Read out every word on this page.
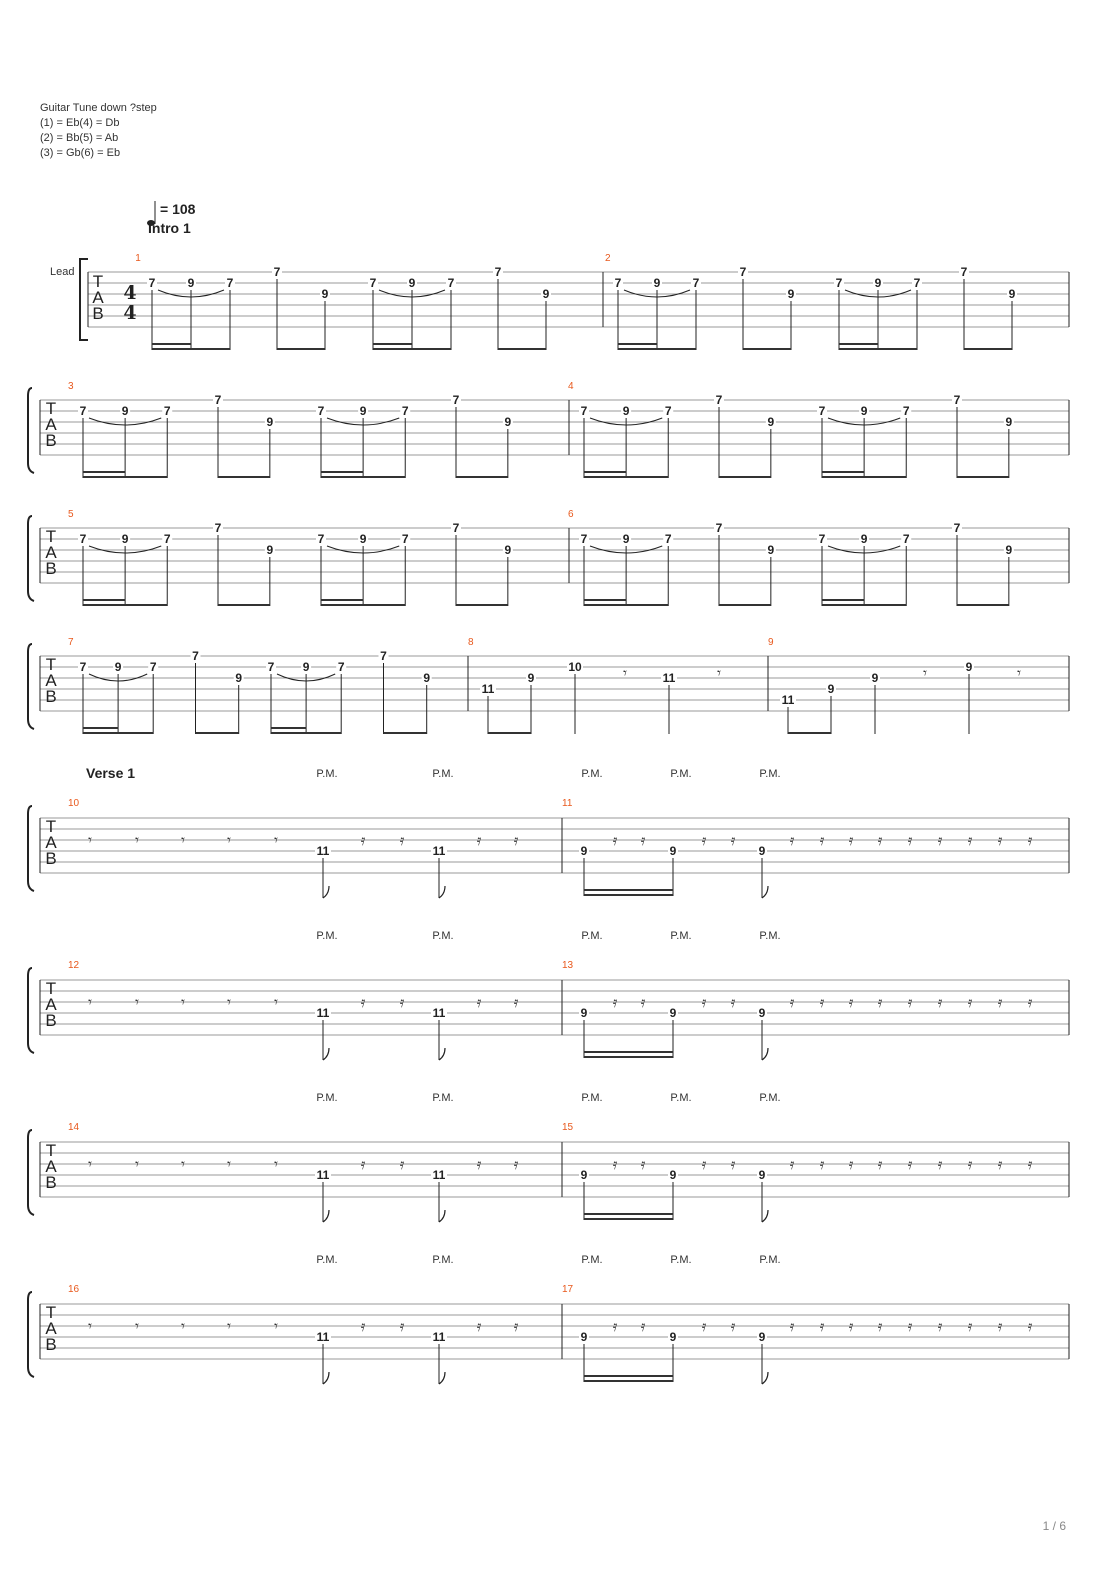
Guitar Tune down ?step
(1) = Eb(4) = Db
(2) = Bb(5) = Ab
(3) = Gb(6) = Eb
= 108
Intro 1
Lead T
A
B
4
4
1	2
7	9	7
7
9
7	9	7
7
9
7	9	7
7
9
7	9	7
7
9
T
A
B
3	4
7	9	7
7
9
7	9	7
7
9
7	9	7
7
9
7	9	7
7
9
T
A
B
5	6
7	9	7
7
9
7	9	7
7
9
7	9	7
7
9
7	9	7
7
9
T
A
B
7	8	9
7 9 7
7
9
7 9 7
7
9
11
9
10	𝄾	11	𝄾
11
9
9	𝄾	9	𝄾
Verse 1
T
A
B
P.M.	P.M.	P.M.	P.M.	P.M.
10	11
𝄾	𝄾	𝄾	𝄾	𝄾
11	11
𝄿 𝄿	𝄿 𝄿
9	9	9
𝄿 𝄿	𝄿 𝄿	𝄿 𝄿 𝄿 𝄿 𝄿 𝄿 𝄿 𝄿 𝄿
T
A
B
P.M.	P.M.	P.M.	P.M.	P.M.
12	13
𝄾	𝄾	𝄾	𝄾	𝄾
11	11
𝄿 𝄿	𝄿 𝄿
9	9	9
𝄿 𝄿	𝄿 𝄿	𝄿 𝄿 𝄿 𝄿 𝄿 𝄿 𝄿 𝄿 𝄿
T
A
B
P.M.	P.M.	P.M.	P.M.	P.M.
14	15
𝄾	𝄾	𝄾	𝄾	𝄾
11	11
𝄿 𝄿	𝄿 𝄿
9	9	9
𝄿 𝄿	𝄿 𝄿	𝄿 𝄿 𝄿 𝄿 𝄿 𝄿 𝄿 𝄿 𝄿
T
A
B
P.M.	P.M.	P.M.	P.M.	P.M.
16	17
𝄾	𝄾	𝄾	𝄾	𝄾
11	11
𝄿 𝄿	𝄿 𝄿
9	9	9
𝄿 𝄿	𝄿 𝄿	𝄿 𝄿 𝄿 𝄿 𝄿 𝄿 𝄿 𝄿 𝄿
1 / 6
